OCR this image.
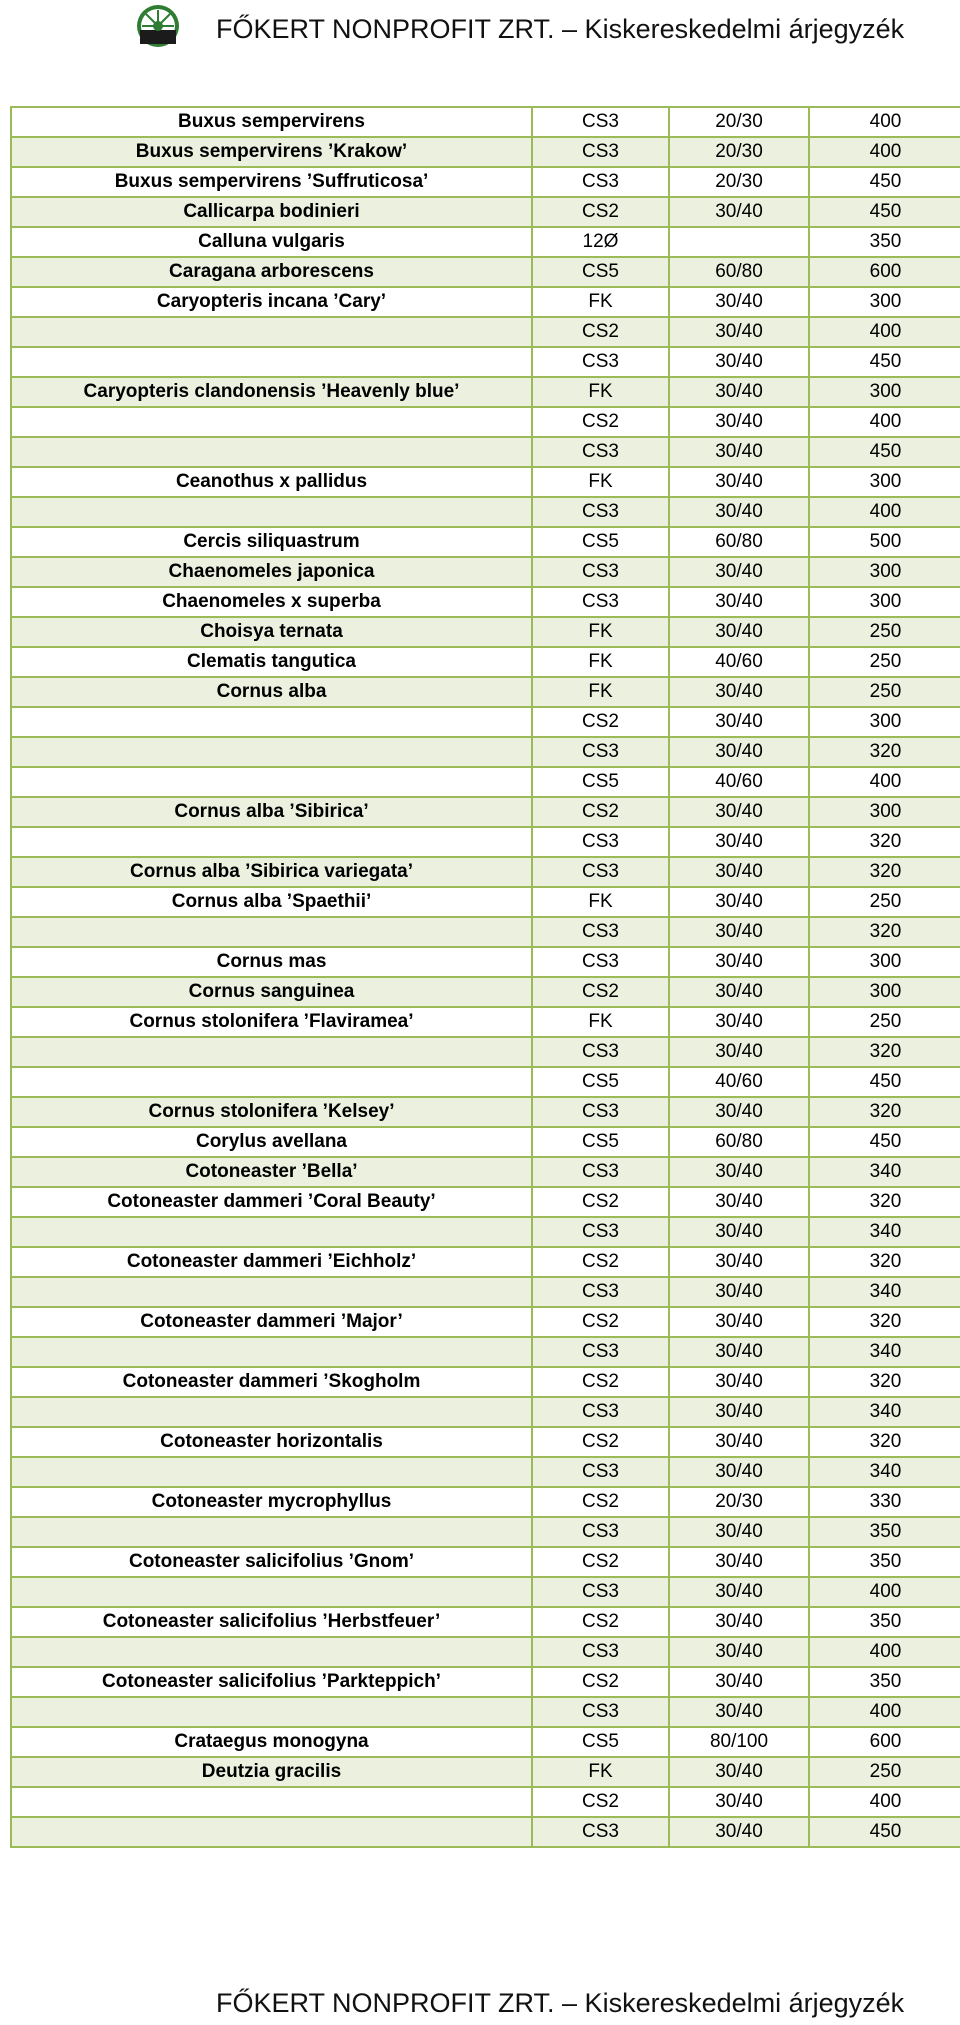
FŐKERT NONPROFIT ZRT. – Kiskereskedelmi árjegyzék
Buxus sempervirens	CS3	20/30	400
Buxus sempervirens ’Krakow’	CS3	20/30	400
Buxus sempervirens ’Suffruticosa’	CS3	20/30	450
Callicarpa bodinieri	CS2	30/40	450
Calluna vulgaris	12Ø		350
Caragana arborescens	CS5	60/80	600
Caryopteris incana ’Cary’	FK	30/40	300
	CS2	30/40	400
	CS3	30/40	450
Caryopteris clandonensis ’Heavenly blue’	FK	30/40	300
	CS2	30/40	400
	CS3	30/40	450
Ceanothus x pallidus	FK	30/40	300
	CS3	30/40	400
Cercis siliquastrum	CS5	60/80	500
Chaenomeles japonica	CS3	30/40	300
Chaenomeles x superba	CS3	30/40	300
Choisya ternata	FK	30/40	250
Clematis tangutica	FK	40/60	250
Cornus alba	FK	30/40	250
	CS2	30/40	300
	CS3	30/40	320
	CS5	40/60	400
Cornus alba ’Sibirica’	CS2	30/40	300
	CS3	30/40	320
Cornus alba ’Sibirica variegata’	CS3	30/40	320
Cornus alba ’Spaethii’	FK	30/40	250
	CS3	30/40	320
Cornus mas	CS3	30/40	300
Cornus sanguinea	CS2	30/40	300
Cornus stolonifera ’Flaviramea’	FK	30/40	250
	CS3	30/40	320
	CS5	40/60	450
Cornus stolonifera ’Kelsey’	CS3	30/40	320
Corylus avellana	CS5	60/80	450
Cotoneaster ’Bella’	CS3	30/40	340
Cotoneaster dammeri ’Coral Beauty’	CS2	30/40	320
	CS3	30/40	340
Cotoneaster dammeri ’Eichholz’	CS2	30/40	320
	CS3	30/40	340
Cotoneaster dammeri ’Major’	CS2	30/40	320
	CS3	30/40	340
Cotoneaster dammeri ’Skogholm	CS2	30/40	320
	CS3	30/40	340
Cotoneaster horizontalis	CS2	30/40	320
	CS3	30/40	340
Cotoneaster mycrophyllus	CS2	20/30	330
	CS3	30/40	350
Cotoneaster salicifolius ’Gnom’	CS2	30/40	350
	CS3	30/40	400
Cotoneaster salicifolius ’Herbstfeuer’	CS2	30/40	350
	CS3	30/40	400
Cotoneaster salicifolius ’Parkteppich’	CS2	30/40	350
	CS3	30/40	400
Crataegus monogyna	CS5	80/100	600
Deutzia gracilis	FK	30/40	250
	CS2	30/40	400
	CS3	30/40	450
FŐKERT NONPROFIT ZRT. – Kiskereskedelmi árjegyzék
